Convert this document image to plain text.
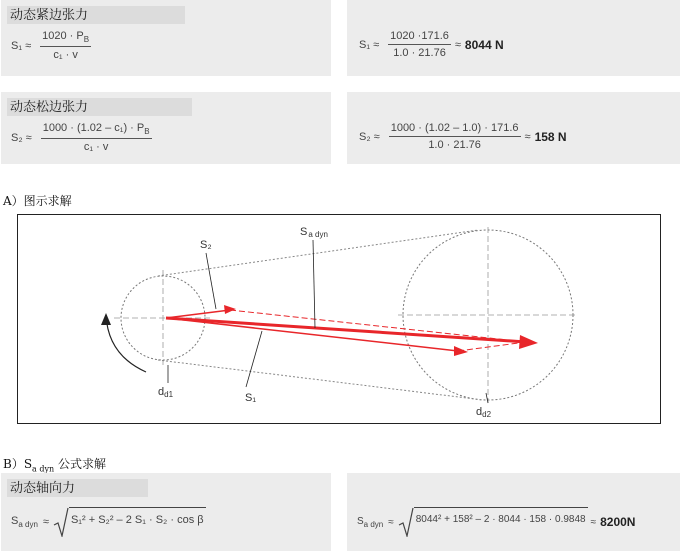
动态紧边张力
$S_1 \approx \frac{1020 \cdot P_B}{\text{c₁ · v}}$	$S_1 \approx \frac{1020 \cdot 171.6}{1.0 \cdot 21.76} \approx 8044$ N
动态松边张力
$S_2 \approx \frac{1000 \cdot (1.02 - c_1) \cdot P_B}{\text{c₁ · v}}$	$S_2 \approx \frac{1000 \cdot (1.02 - 1.0) \cdot 171.6}{1.0 \cdot 21.76} \approx 158$ N
A）图示求解
S₂
Sa dyn
S₁
dd1
dd2
$B)S_{a dyn}$ 公式求解
动态轴向力
$S_{a dyn} \approx S_1^2 + S_2^2 - 2$ S₁ · S₂ · cos β	$S_{a dyn} \approx 8044^2 + 158^2 - 2 \cdot 8044 \cdot 158 \cdot 0.9848 \approx 8200N$
